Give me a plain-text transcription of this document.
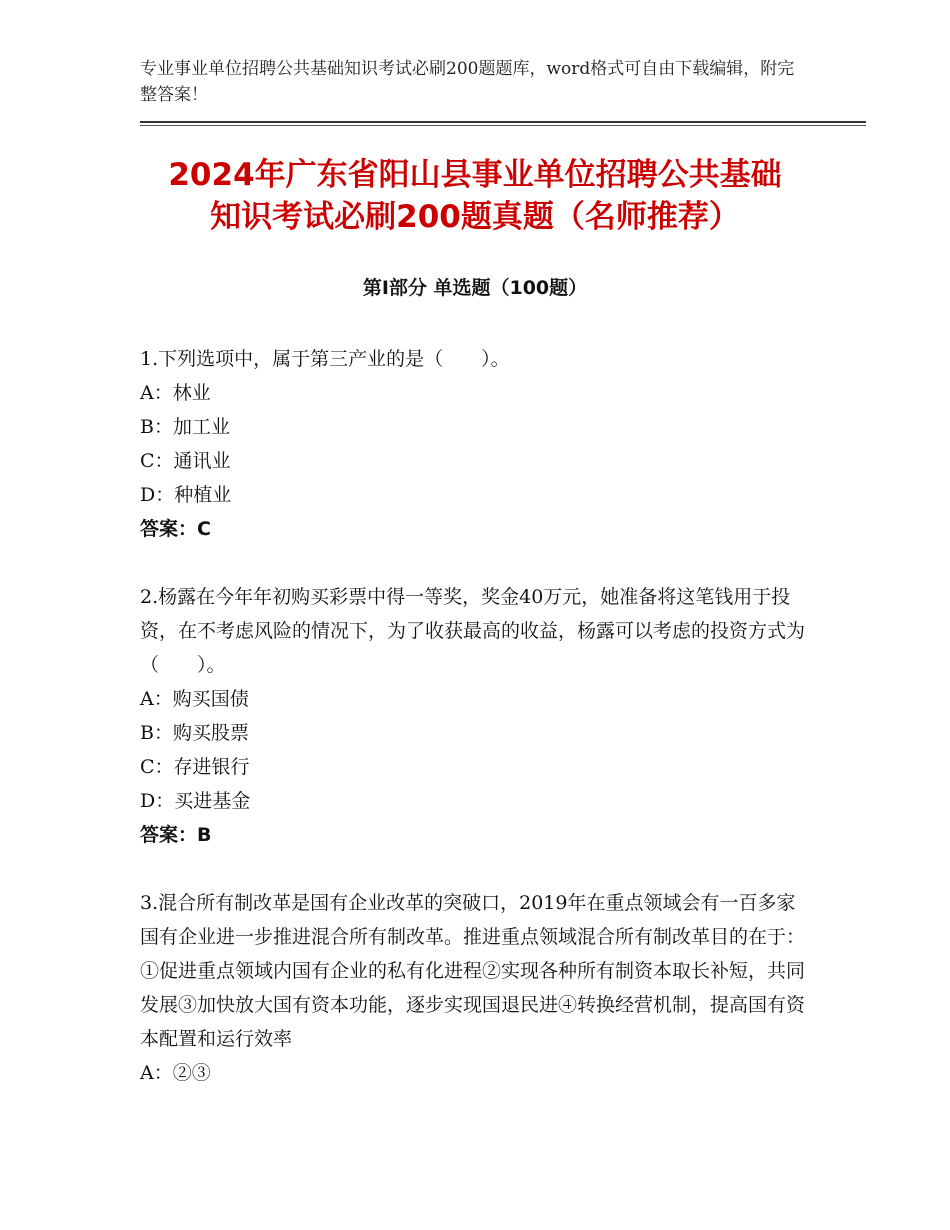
专业事业单位招聘公共基础知识考试必刷200题题库，word格式可自由下载编辑，附完整答案！
2024年广东省阳山县事业单位招聘公共基础
知识考试必刷200题真题（名师推荐）
第Ⅰ部分 单选题（100题）

1.下列选项中，属于第三产业的是（　　）。

A：林业

B：加工业

C：通讯业

D：种植业

答案：C

2.杨露在今年年初购买彩票中得一等奖，奖金40万元，她准备将这笔钱用于投资，在不考虑风险的情况下，为了收获最高的收益，杨露可以考虑的投资方式为（　　）。

A：购买国债

B：购买股票

C：存进银行

D：买进基金

答案：B

3.混合所有制改革是国有企业改革的突破口，2019年在重点领域会有一百多家国有企业进一步推进混合所有制改革。推进重点领域混合所有制改革目的在于：①促进重点领域内国有企业的私有化进程②实现各种所有制资本取长补短，共同发展③加快放大国有资本功能，逐步实现国退民进④转换经营机制，提高国有资本配置和运行效率

A：②③
